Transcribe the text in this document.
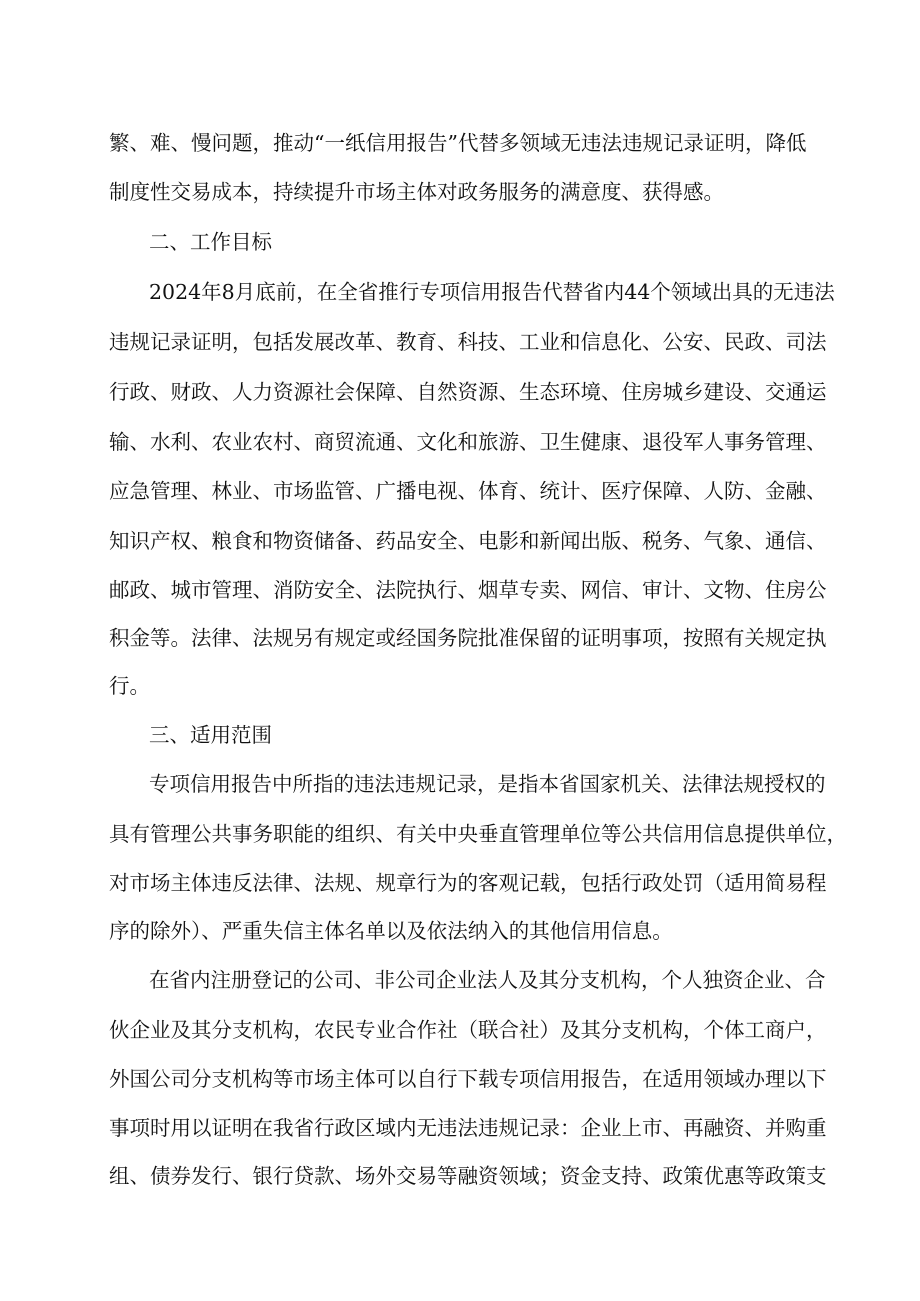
繁、难、慢问题，推动“一纸信用报告”代替多领域无违法违规记录证明，降低
制度性交易成本，持续提升市场主体对政务服务的满意度、获得感。
二、工作目标
2024年8月底前，在全省推行专项信用报告代替省内44个领域出具的无违法
违规记录证明，包括发展改革、教育、科技、工业和信息化、公安、民政、司法
行政、财政、人力资源社会保障、自然资源、生态环境、住房城乡建设、交通运
输、水利、农业农村、商贸流通、文化和旅游、卫生健康、退役军人事务管理、
应急管理、林业、市场监管、广播电视、体育、统计、医疗保障、人防、金融、
知识产权、粮食和物资储备、药品安全、电影和新闻出版、税务、气象、通信、
邮政、城市管理、消防安全、法院执行、烟草专卖、网信、审计、文物、住房公
积金等。法律、法规另有规定或经国务院批准保留的证明事项，按照有关规定执
行。
三、适用范围
专项信用报告中所指的违法违规记录，是指本省国家机关、法律法规授权的
具有管理公共事务职能的组织、有关中央垂直管理单位等公共信用信息提供单位，
对市场主体违反法律、法规、规章行为的客观记载，包括行政处罚（适用简易程
序的除外）、严重失信主体名单以及依法纳入的其他信用信息。
在省内注册登记的公司、非公司企业法人及其分支机构，个人独资企业、合
伙企业及其分支机构，农民专业合作社（联合社）及其分支机构，个体工商户，
外国公司分支机构等市场主体可以自行下载专项信用报告，在适用领域办理以下
事项时用以证明在我省行政区域内无违法违规记录：企业上市、再融资、并购重
组、债券发行、银行贷款、场外交易等融资领域；资金支持、政策优惠等政策支
